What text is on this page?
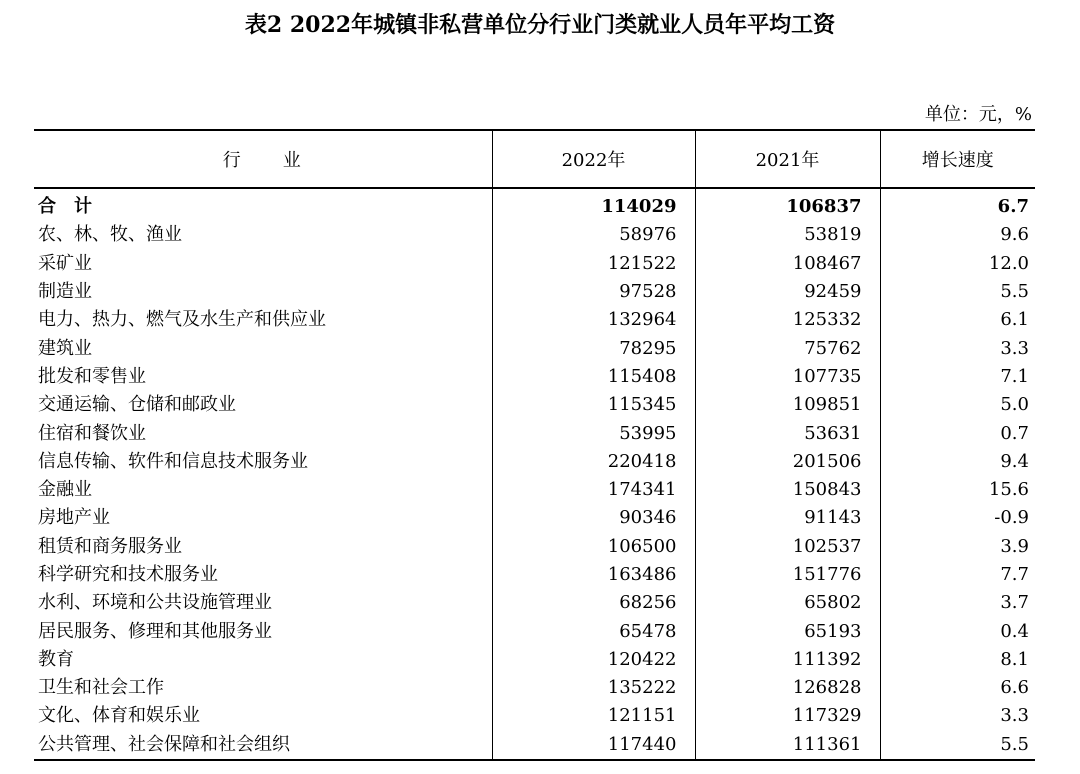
表2 2022年城镇非私营单位分行业门类就业人员年平均工资
单位：元，%
行　　业	2022年	2021年	增长速度
合　计	114029	106837	6.7
农、林、牧、渔业	58976	53819	9.6
采矿业	121522	108467	12.0
制造业	97528	92459	5.5
电力、热力、燃气及水生产和供应业	132964	125332	6.1
建筑业	78295	75762	3.3
批发和零售业	115408	107735	7.1
交通运输、仓储和邮政业	115345	109851	5.0
住宿和餐饮业	53995	53631	0.7
信息传输、软件和信息技术服务业	220418	201506	9.4
金融业	174341	150843	15.6
房地产业	90346	91143	-0.9
租赁和商务服务业	106500	102537	3.9
科学研究和技术服务业	163486	151776	7.7
水利、环境和公共设施管理业	68256	65802	3.7
居民服务、修理和其他服务业	65478	65193	0.4
教育	120422	111392	8.1
卫生和社会工作	135222	126828	6.6
文化、体育和娱乐业	121151	117329	3.3
公共管理、社会保障和社会组织	117440	111361	5.5
